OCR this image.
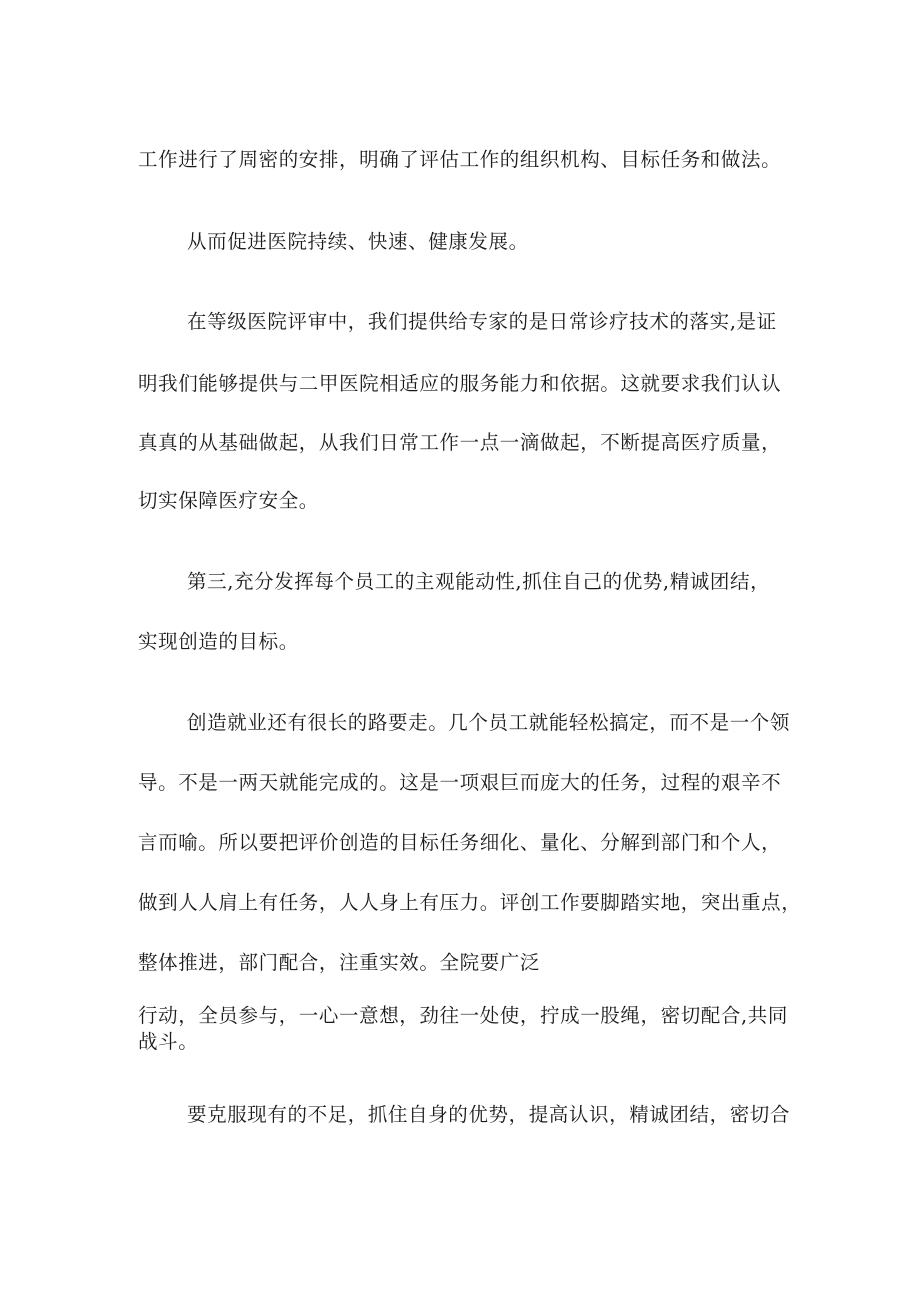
工作进行了周密的安排，明确了评估工作的组织机构、目标任务和做法。
从而促进医院持续、快速、健康发展。
在等级医院评审中，我们提供给专家的是日常诊疗技术的落实,是证
明我们能够提供与二甲医院相适应的服务能力和依据。这就要求我们认认
真真的从基础做起，从我们日常工作一点一滴做起，不断提高医疗质量，
切实保障医疗安全。
第三,充分发挥每个员工的主观能动性,抓住自己的优势,精诚团结，
实现创造的目标。
创造就业还有很长的路要走。几个员工就能轻松搞定，而不是一个领
导。不是一两天就能完成的。这是一项艰巨而庞大的任务，过程的艰辛不
言而喻。所以要把评价创造的目标任务细化、量化、分解到部门和个人，
做到人人肩上有任务，人人身上有压力。评创工作要脚踏实地，突出重点，
整体推进，部门配合，注重实效。全院要广泛
行动，全员参与，一心一意想，劲往一处使，拧成一股绳，密切配合,共同
战斗。
要克服现有的不足，抓住自身的优势，提高认识，精诚团结，密切合
